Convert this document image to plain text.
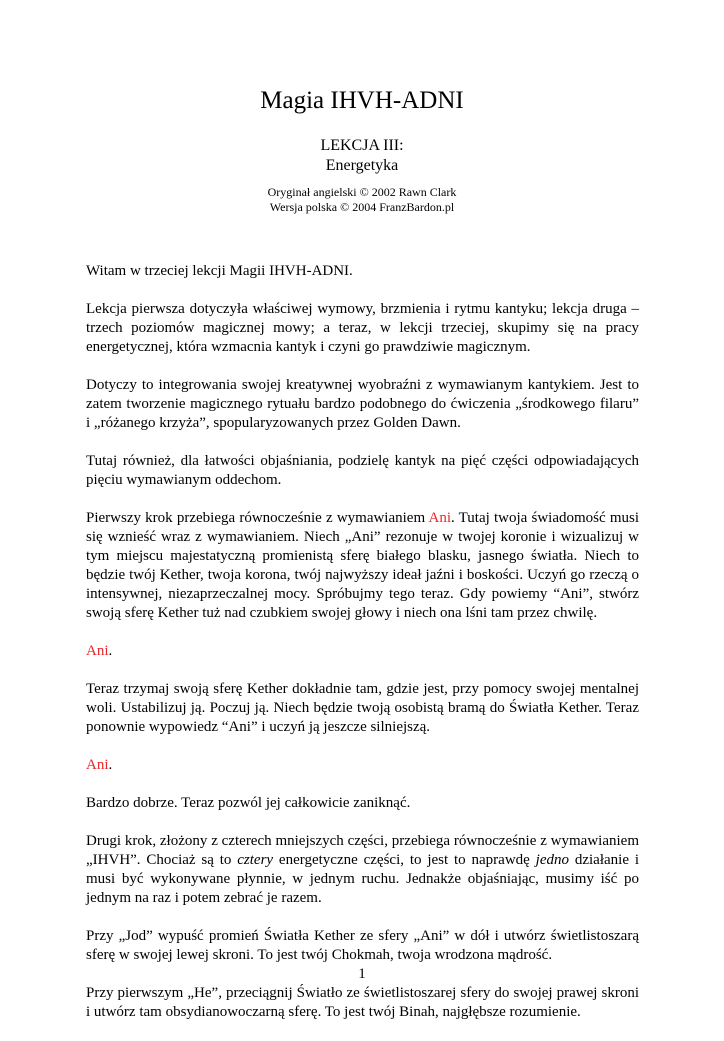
Magia IHVH-ADNI
LEKCJA III:
Energetyka
Oryginał angielski © 2002 Rawn Clark
Wersja polska © 2004 FranzBardon.pl

Witam w trzeciej lekcji Magii IHVH-ADNI.

Lekcja pierwsza dotyczyła właściwej wymowy, brzmienia i rytmu kantyku; lekcja druga – trzech poziomów magicznej mowy; a teraz, w lekcji trzeciej, skupimy się na pracy energetycznej, która wzmacnia kantyk i czyni go prawdziwie magicznym.

Dotyczy to integrowania swojej kreatywnej wyobraźni z wymawianym kantykiem. Jest to zatem tworzenie magicznego rytuału bardzo podobnego do ćwiczenia „środkowego filaru” i „różanego krzyża”, spopularyzowanych przez Golden Dawn.

Tutaj również, dla łatwości objaśniania, podzielę kantyk na pięć części odpowiadających pięciu wymawianym oddechom.

Pierwszy krok przebiega równocześnie z wymawianiem Ani. Tutaj twoja świadomość musi się wznieść wraz z wymawianiem. Niech „Ani” rezonuje w twojej koronie i wizualizuj w tym miejscu majestatyczną promienistą sferę białego blasku, jasnego światła. Niech to będzie twój Kether, twoja korona, twój najwyższy ideał jaźni i boskości. Uczyń go rzeczą o intensywnej, niezaprzeczalnej mocy. Spróbujmy tego teraz. Gdy powiemy “Ani”, stwórz swoją sferę Kether tuż nad czubkiem swojej głowy i niech ona lśni tam przez chwilę.

Ani.

Teraz trzymaj swoją sferę Kether dokładnie tam, gdzie jest, przy pomocy swojej mentalnej woli. Ustabilizuj ją. Poczuj ją. Niech będzie twoją osobistą bramą do Światła Kether. Teraz ponownie wypowiedz “Ani” i uczyń ją jeszcze silniejszą.

Ani.

Bardzo dobrze. Teraz pozwól jej całkowicie zaniknąć.

Drugi krok, złożony z czterech mniejszych części, przebiega równocześnie z wymawianiem „IHVH”. Chociaż są to cztery energetyczne części, to jest to naprawdę jedno działanie i musi być wykonywane płynnie, w jednym ruchu. Jednakże objaśniając, musimy iść po jednym na raz i potem zebrać je razem.

Przy „Jod” wypuść promień Światła Kether ze sfery „Ani” w dół i utwórz świetlistoszarą sferę w swojej lewej skroni. To jest twój Chokmah, twoja wrodzona mądrość.

Przy pierwszym „He”, przeciągnij Światło ze świetlistoszarej sfery do swojej prawej skroni i utwórz tam obsydianowoczarną sferę. To jest twój Binah, najgłębsze rozumienie.

1
